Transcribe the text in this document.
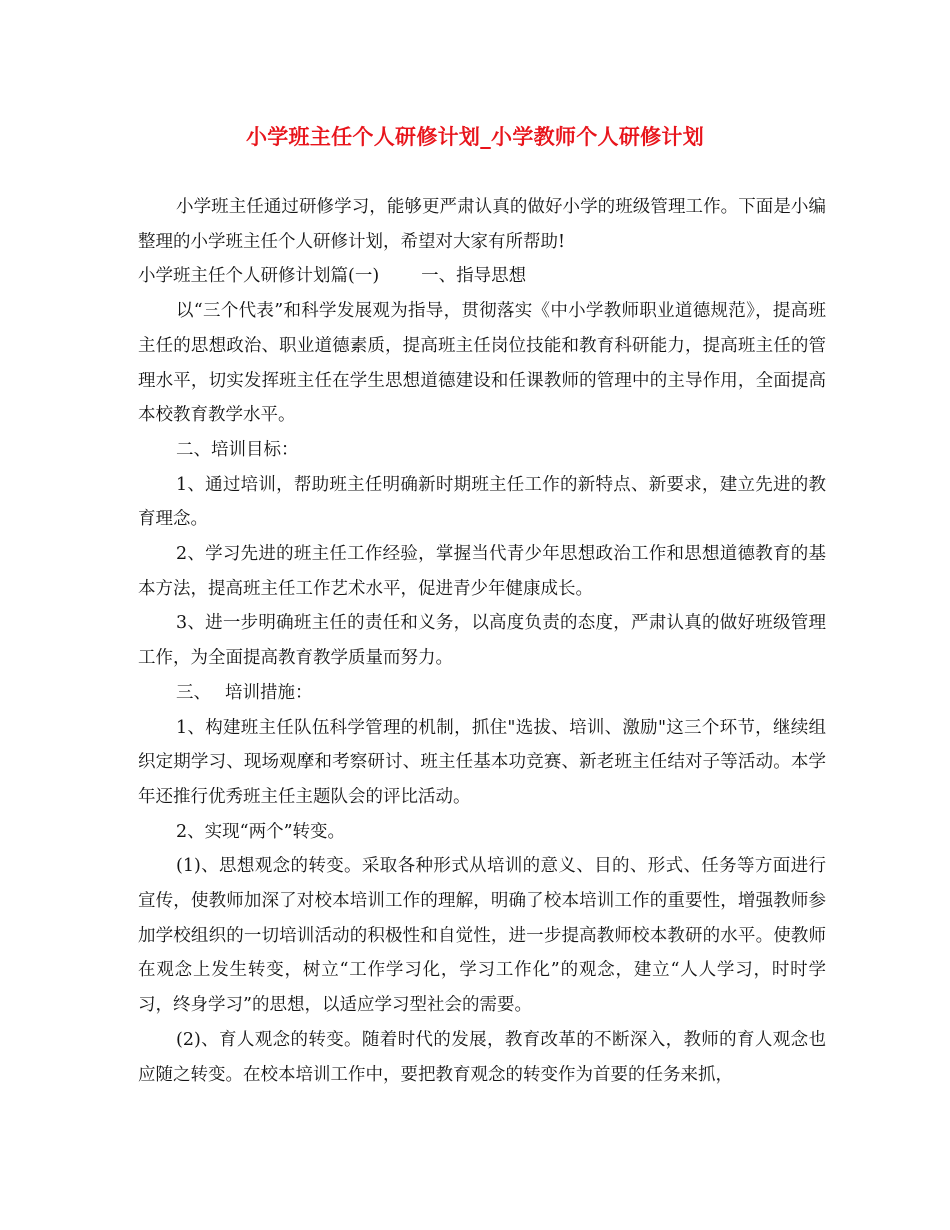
小学班主任个人研修计划_小学教师个人研修计划

小学班主任通过研修学习，能够更严肃认真的做好小学的班级管理工作。下面是小编整理的小学班主任个人研修计划，希望对大家有所帮助!

小学班主任个人研修计划篇(一) 一、指导思想

以“三个代表”和科学发展观为指导，贯彻落实《中小学教师职业道德规范》，提高班主任的思想政治、职业道德素质，提高班主任岗位技能和教育科研能力，提高班主任的管理水平，切实发挥班主任在学生思想道德建设和任课教师的管理中的主导作用，全面提高本校教育教学水平。

二、培训目标：

1、通过培训，帮助班主任明确新时期班主任工作的新特点、新要求，建立先进的教育理念。

2、学习先进的班主任工作经验，掌握当代青少年思想政治工作和思想道德教育的基本方法，提高班主任工作艺术水平，促进青少年健康成长。

3、进一步明确班主任的责任和义务，以高度负责的态度，严肃认真的做好班级管理工作，为全面提高教育教学质量而努力。

三、 培训措施：

1、构建班主任队伍科学管理的机制，抓住"选拔、培训、激励"这三个环节，继续组织定期学习、现场观摩和考察研讨、班主任基本功竞赛、新老班主任结对子等活动。本学年还推行优秀班主任主题队会的评比活动。

2、实现“两个”转变。

(1)、思想观念的转变。采取各种形式从培训的意义、目的、形式、任务等方面进行宣传，使教师加深了对校本培训工作的理解，明确了校本培训工作的重要性，增强教师参加学校组织的一切培训活动的积极性和自觉性，进一步提高教师校本教研的水平。使教师在观念上发生转变，树立“工作学习化，学习工作化”的观念，建立“人人学习，时时学习，终身学习”的思想，以适应学习型社会的需要。

(2)、育人观念的转变。随着时代的发展，教育改革的不断深入，教师的育人观念也应随之转变。在校本培训工作中，要把教育观念的转变作为首要的任务来抓，
